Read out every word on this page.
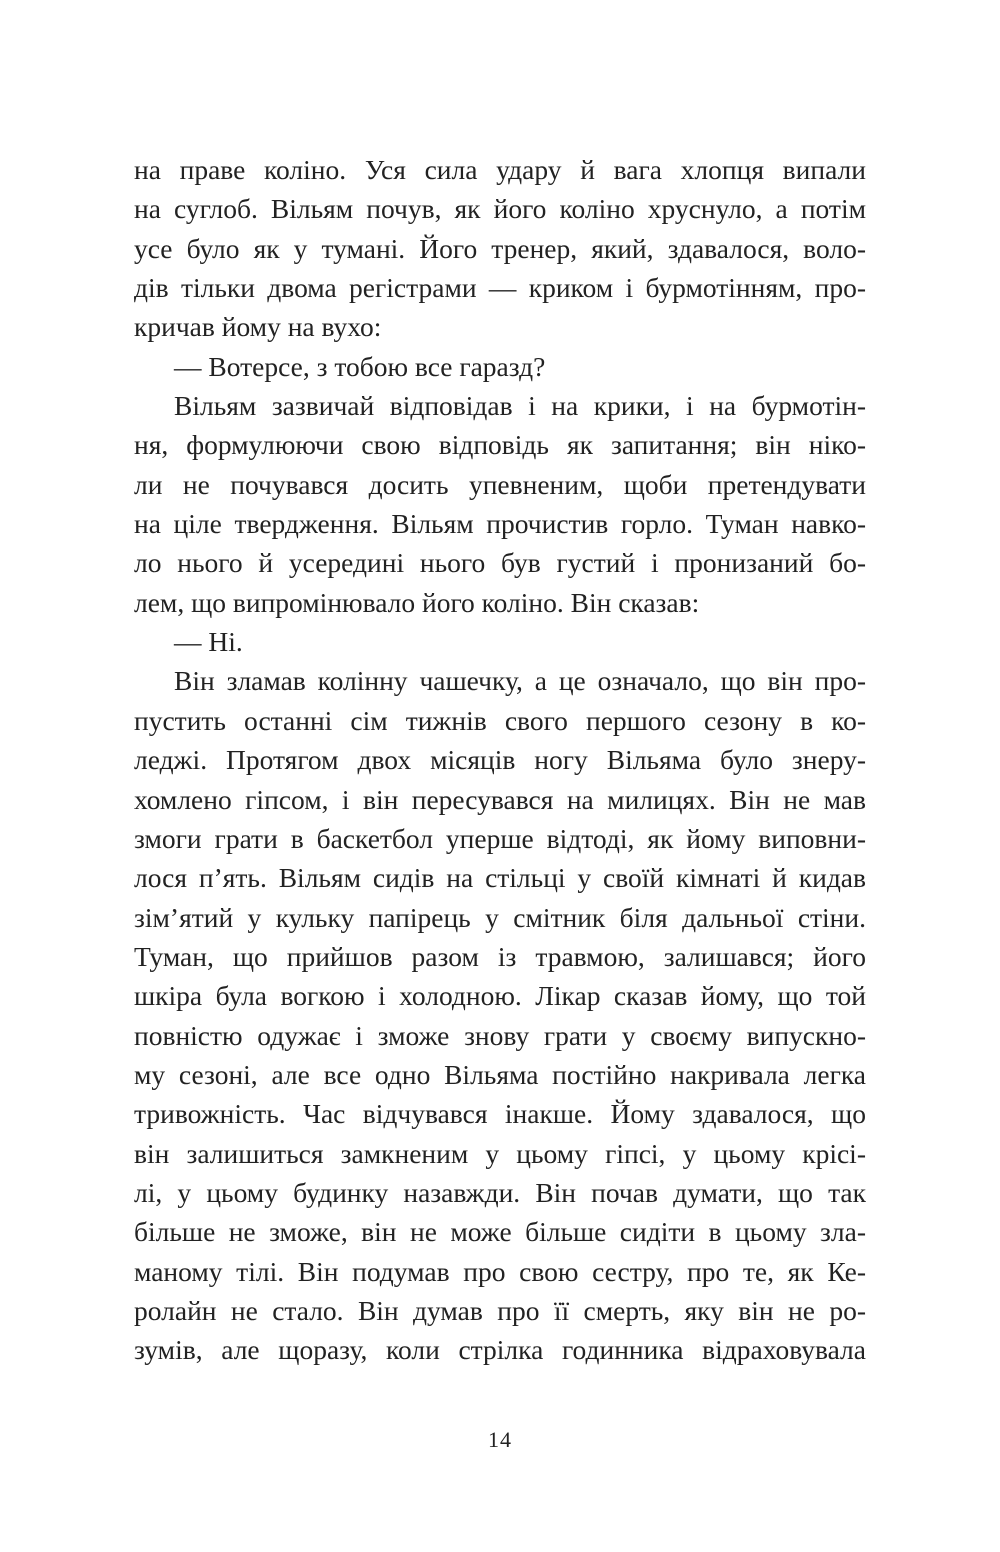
на праве коліно. Уся сила удару й вага хлопця випали
на суглоб. Вільям почув, як його коліно хруснуло, а потім
усе було як у тумані. Його тренер, який, здавалося, воло-
дів тільки двома регістрами — криком і бурмотінням, про-
кричав йому на вухо:
— Вотерсе, з тобою все гаразд?
Вільям зазвичай відповідав і на крики, і на бурмотін-
ня, формулюючи свою відповідь як запитання; він ніко-
ли не почувався досить упевненим, щоби претендувати
на ціле твердження. Вільям прочистив горло. Туман навко-
ло нього й усередині нього був густий і пронизаний бо-
лем, що випромінювало його коліно. Він сказав:
— Ні.
Він зламав колінну чашечку, а це означало, що він про-
пустить останні сім тижнів свого першого сезону в ко-
леджі. Протягом двох місяців ногу Вільяма було знеру-
хомлено гіпсом, і він пересувався на милицях. Він не мав
змоги грати в баскетбол уперше відтоді, як йому виповни-
лося п’ять. Вільям сидів на стільці у своїй кімнаті й кидав
зім’ятий у кульку папірець у смітник біля дальньої стіни.
Туман, що прийшов разом із травмою, залишався; його
шкіра була вогкою і холодною. Лікар сказав йому, що той
повністю одужає і зможе знову грати у своєму випускно-
му сезоні, але все одно Вільяма постійно накривала легка
тривожність. Час відчувався інакше. Йому здавалося, що
він залишиться замкненим у цьому гіпсі, у цьому крісі-
лі, у цьому будинку назавжди. Він почав думати, що так
більше не зможе, він не може більше сидіти в цьому зла-
маному тілі. Він подумав про свою сестру, про те, як Ке-
ролайн не стало. Він думав про її смерть, яку він не ро-
зумів, але щоразу, коли стрілка годинника відраховувала
14
